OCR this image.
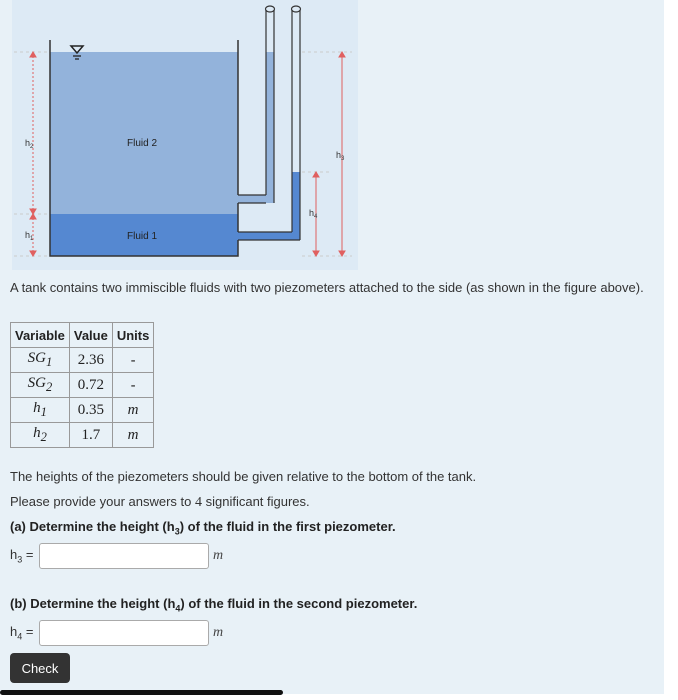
$h_2$
$h_1$
$h_3$
$h_4$
Fluid 2
Fluid 1

A tank contains two immiscible fluids with two piezometers attached to the side (as shown in the figure above).

Variable	Value	Units
$SG_1$	2.36	-
$SG_2$	0.72	-
$h_1$	0.35	m
$h_2$	1.7	m

The heights of the piezometers should be given relative to the bottom of the tank.

Please provide your answers to 4 significant figures.

(a) Determine the height $(h_3)$ of the fluid in the first piezometer.

$h_3$ =	m

(b) Determine the height $(h_4)$ of the fluid in the second piezometer.

$h_4$ =	m
Check
